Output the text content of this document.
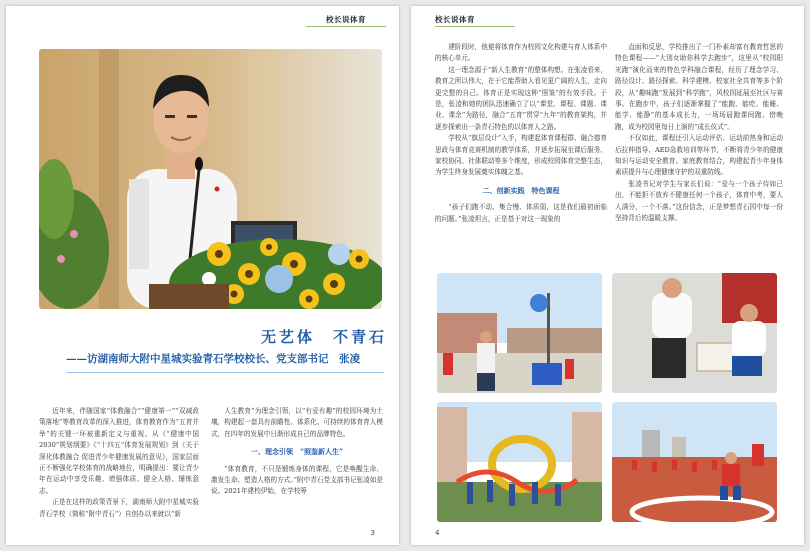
校长说体育
无艺体　不青石
——访湖南师大附中星城实验青石学校校长、党支部书记　张凌

近年来，伴随国家“体教融合”“健康第一”“双减政策落地”等教育改革的深入推进，体育教育作为“五育并举”的关键一环被重新定义与重视。从《“健康中国2030”规划纲要》《“十四五”体育发展规划》到《关于深化体教融合 促进青少年健康发展的意见》，国家层面正不断强化学校体育的战略地位，明确提出：要让青少年在运动中享受乐趣、增强体质、健全人格、锤炼意志。

正是在这样的政策背景下，湖南师大附中星城实验青石学校（简称“附中青石”）自创办以来就以“新

人生教育”为理念引领，以“有爱有趣”的校园环境为土壤，构建起一套具有前瞻性、体系化、可持续的体育育人模式，在四年的发展中日渐形成自己的品牌特色。

一、理念引领　“照鉴新人生”

“体育教育，不只是锻炼身体的课程，它是唤醒生命、激发生命、塑造人格的方式。”附中青石党支部书记张凌如是说。2021年建校伊始，在学校筹

3
校长说体育

建阶段时，他便将体育作为校园文化构建与育人体系中的核心单元。

这一理念源于“新人生教育”的整体构想。在张凌看来，教育之所以伟大，在于它能帮助人看见更广阔的人生，走向更完整的自己。体育正是实现这种“照鉴”的有效手段。于是，张凌和她的团队迅速确立了以“课堂、课程、课题、课业、课余”为路径，融合“五育”贯穿“九年”的教育架构，并逐步探索出一条青石特色的以体育人之路。

学校从“旗层设计”入手，构建起体育课程群、融合德育思政与体育竞赛机制的教学体系，并逐步拓展至课后服务、家校协同、社体联动等多个维度，形成校园体育完整生态，为学生终身发展奠实体魄之基。

二、创新实践　特色课程

“孩子们跑不动、集合慢、体质弱，这是我们最初面临的问题。”张凌坦言，正是基于对这一现象的

直面和反思，学校推出了一门朴素却富有教育哲思的特色课程——“大别女助你科学去跑步”，这里从“校园阳光跑”演化而来的特色学科融合课程，经历了理念学习、路径设计、路径探索、科学建模、校家社全共育等多个阶段，从“趣味跑”发展到“科学跑”，风校园延展至社区与赛事。在跑步中，孩子们逐渐掌握了“能跑、能吃、能睡、能学、能静”的基本成长力，一场场晨跑课间跑、傍晚跑，成为校园里每日上演的“成长仪式”。

不仅如此，课程还引入运动评估、运动前热身和运动后拉伸指导、AED急救培训等环节，不断将青少年的健康知识与运动安全教育、家庭教育结合，构建起青少年身体素质提升与心理健康守护的双重防线。

张凌书记对学生与家长们说：“爱与一个孩子待如己出，不能拒不放弃不健康任何一个孩子，体育中考，要人人满分，一个不落。”这份信念，正是梦想青石园中每一份坚持背后的温暖支撑。

4
